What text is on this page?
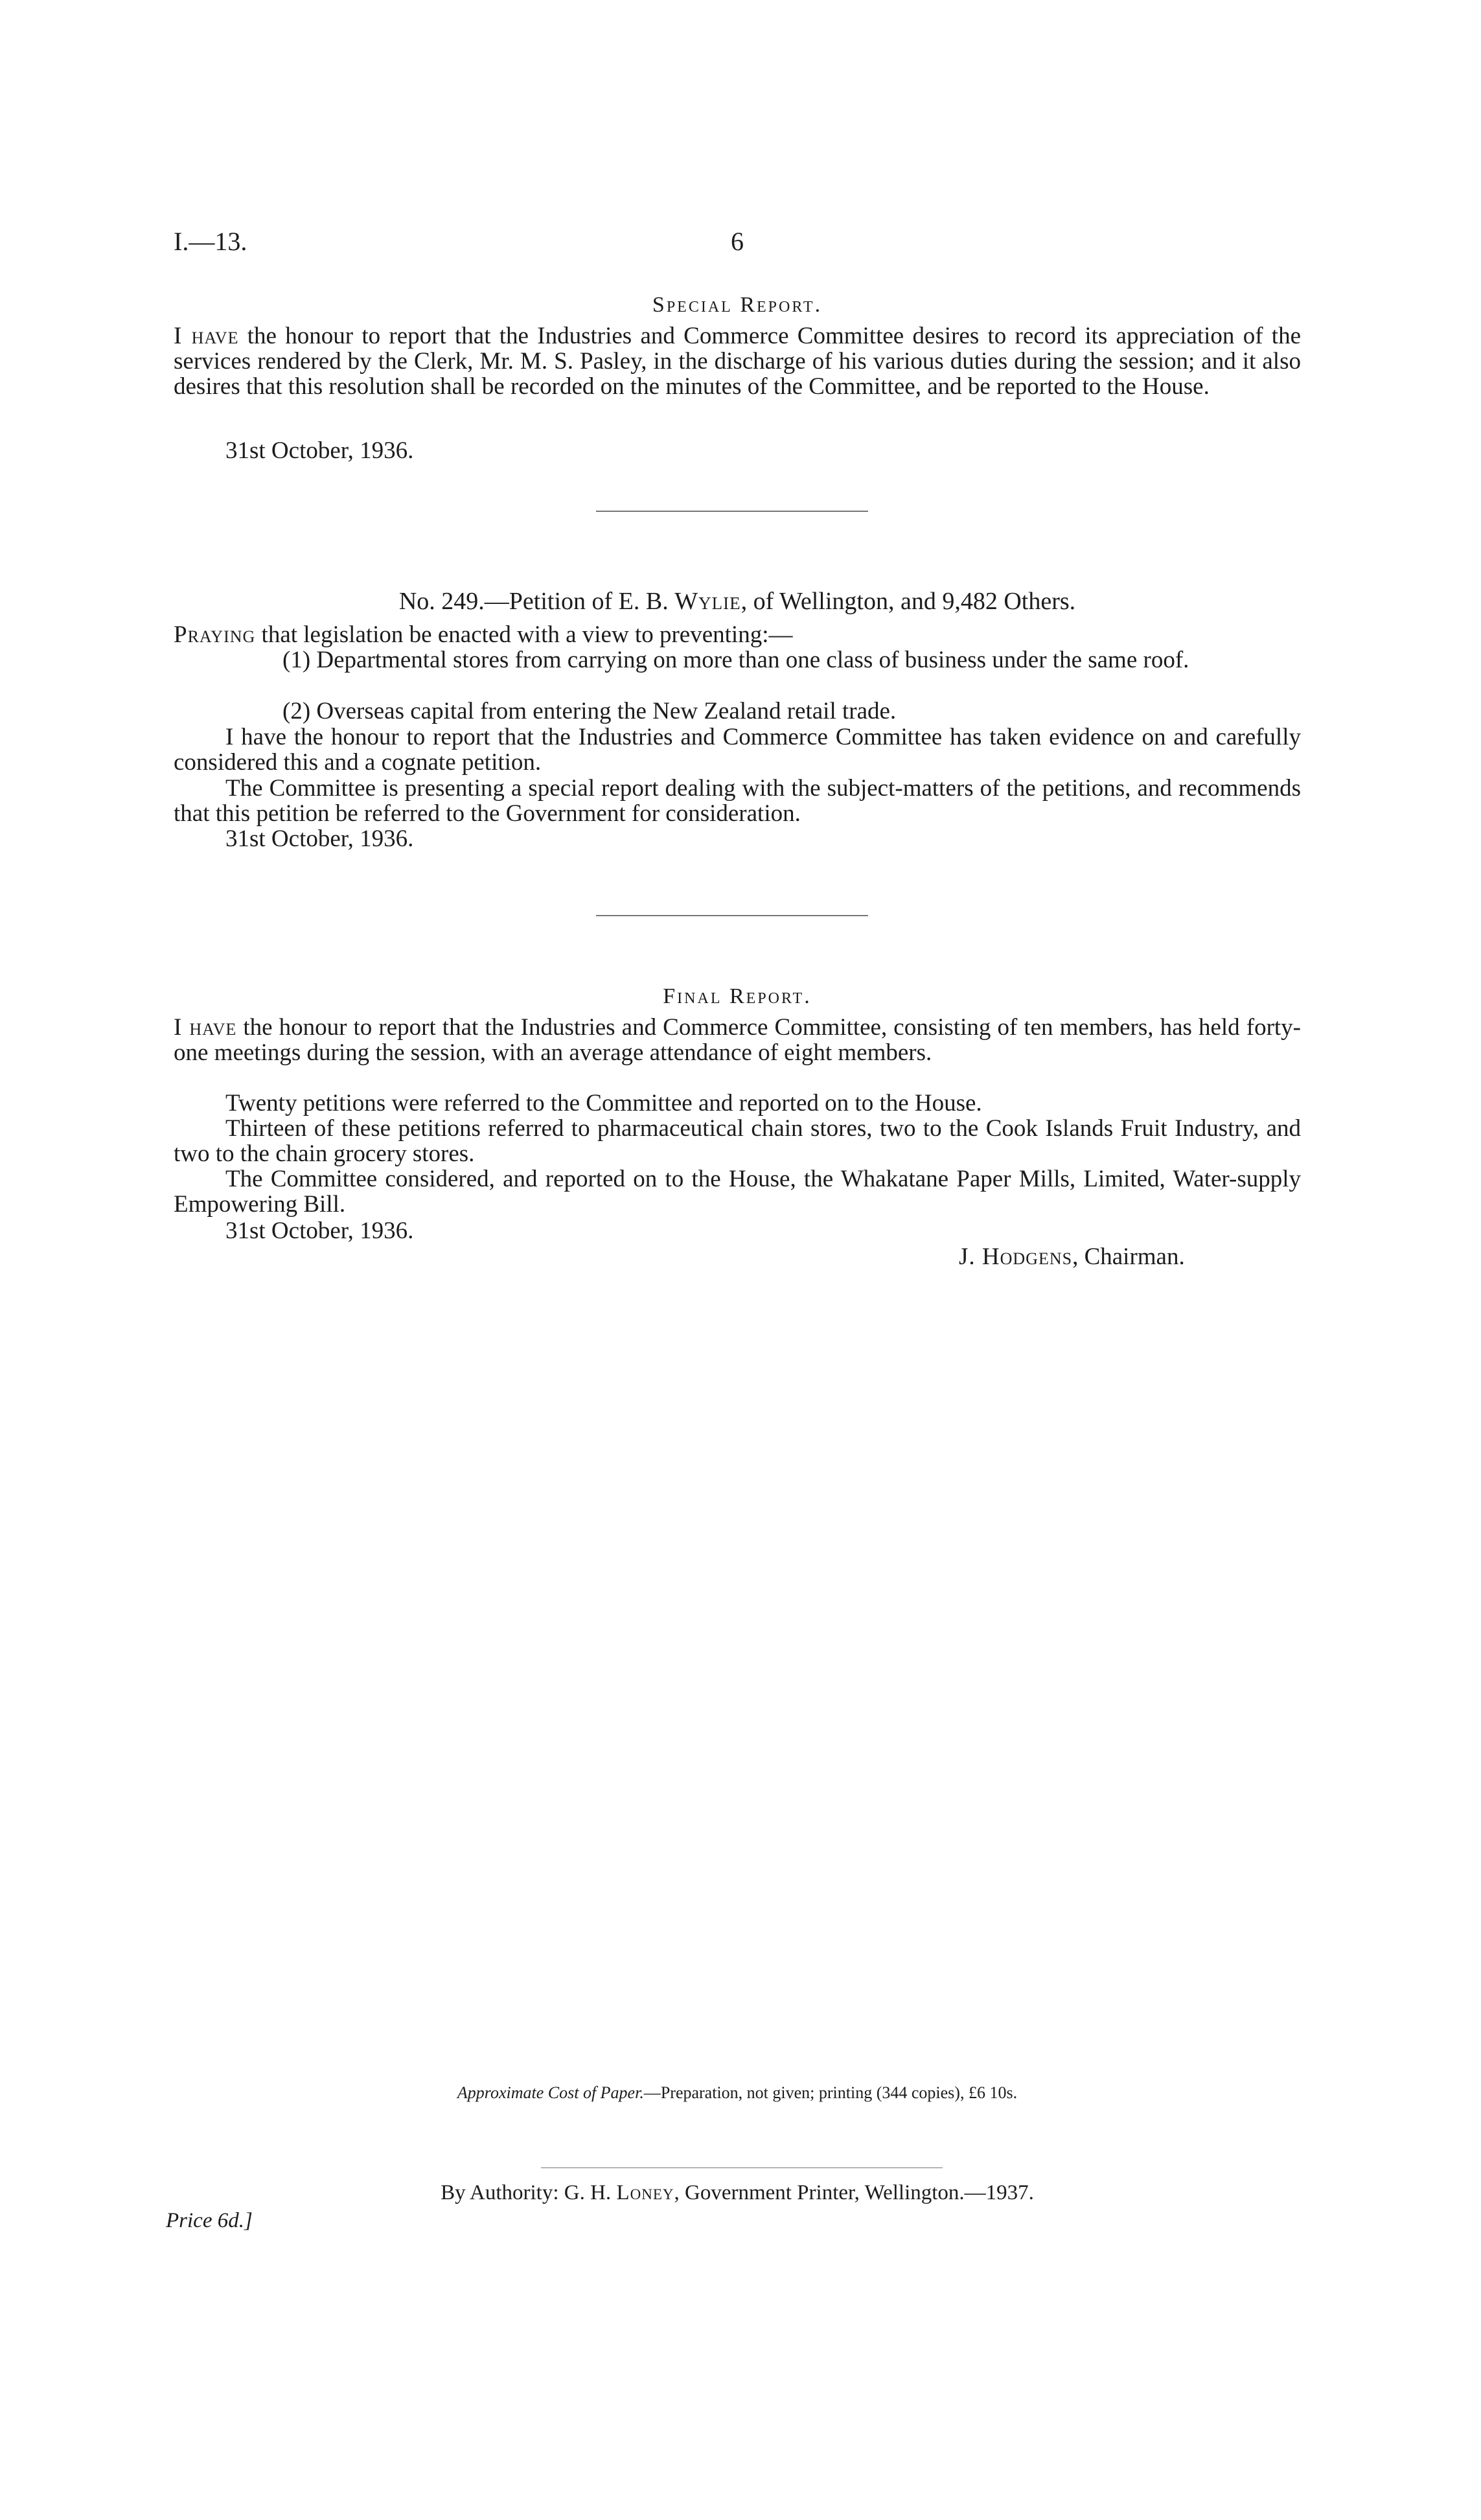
I.—13.	6
Special Report.
I have the honour to report that the Industries and Commerce Committee desires to record its appreciation of the services rendered by the Clerk, Mr. M. S. Pasley, in the discharge of his various duties during the session; and it also desires that this resolution shall be recorded on the minutes of the Committee, and be reported to the House.
31st October, 1936.
No. 249.—Petition of E. B. Wylie, of Wellington, and 9,482 Others.
Praying that legislation be enacted with a view to preventing:—
(1) Departmental stores from carrying on more than one class of business under the same roof.
(2) Overseas capital from entering the New Zealand retail trade.
I have the honour to report that the Industries and Commerce Committee has taken evidence on and carefully considered this and a cognate petition.
The Committee is presenting a special report dealing with the subject-matters of the petitions, and recommends that this petition be referred to the Government for consideration.
31st October, 1936.
Final Report.
I have the honour to report that the Industries and Commerce Committee, consisting of ten members, has held forty-one meetings during the session, with an average attendance of eight members.
Twenty petitions were referred to the Committee and reported on to the House.
Thirteen of these petitions referred to pharmaceutical chain stores, two to the Cook Islands Fruit Industry, and two to the chain grocery stores.
The Committee considered, and reported on to the House, the Whakatane Paper Mills, Limited, Water-supply Empowering Bill.
31st October, 1936.
J. Hodgens, Chairman.
Approximate Cost of Paper.—Preparation, not given; printing (344 copies), £6 10s.
By Authority: G. H. Loney, Government Printer, Wellington.—1937.
Price 6d.]
